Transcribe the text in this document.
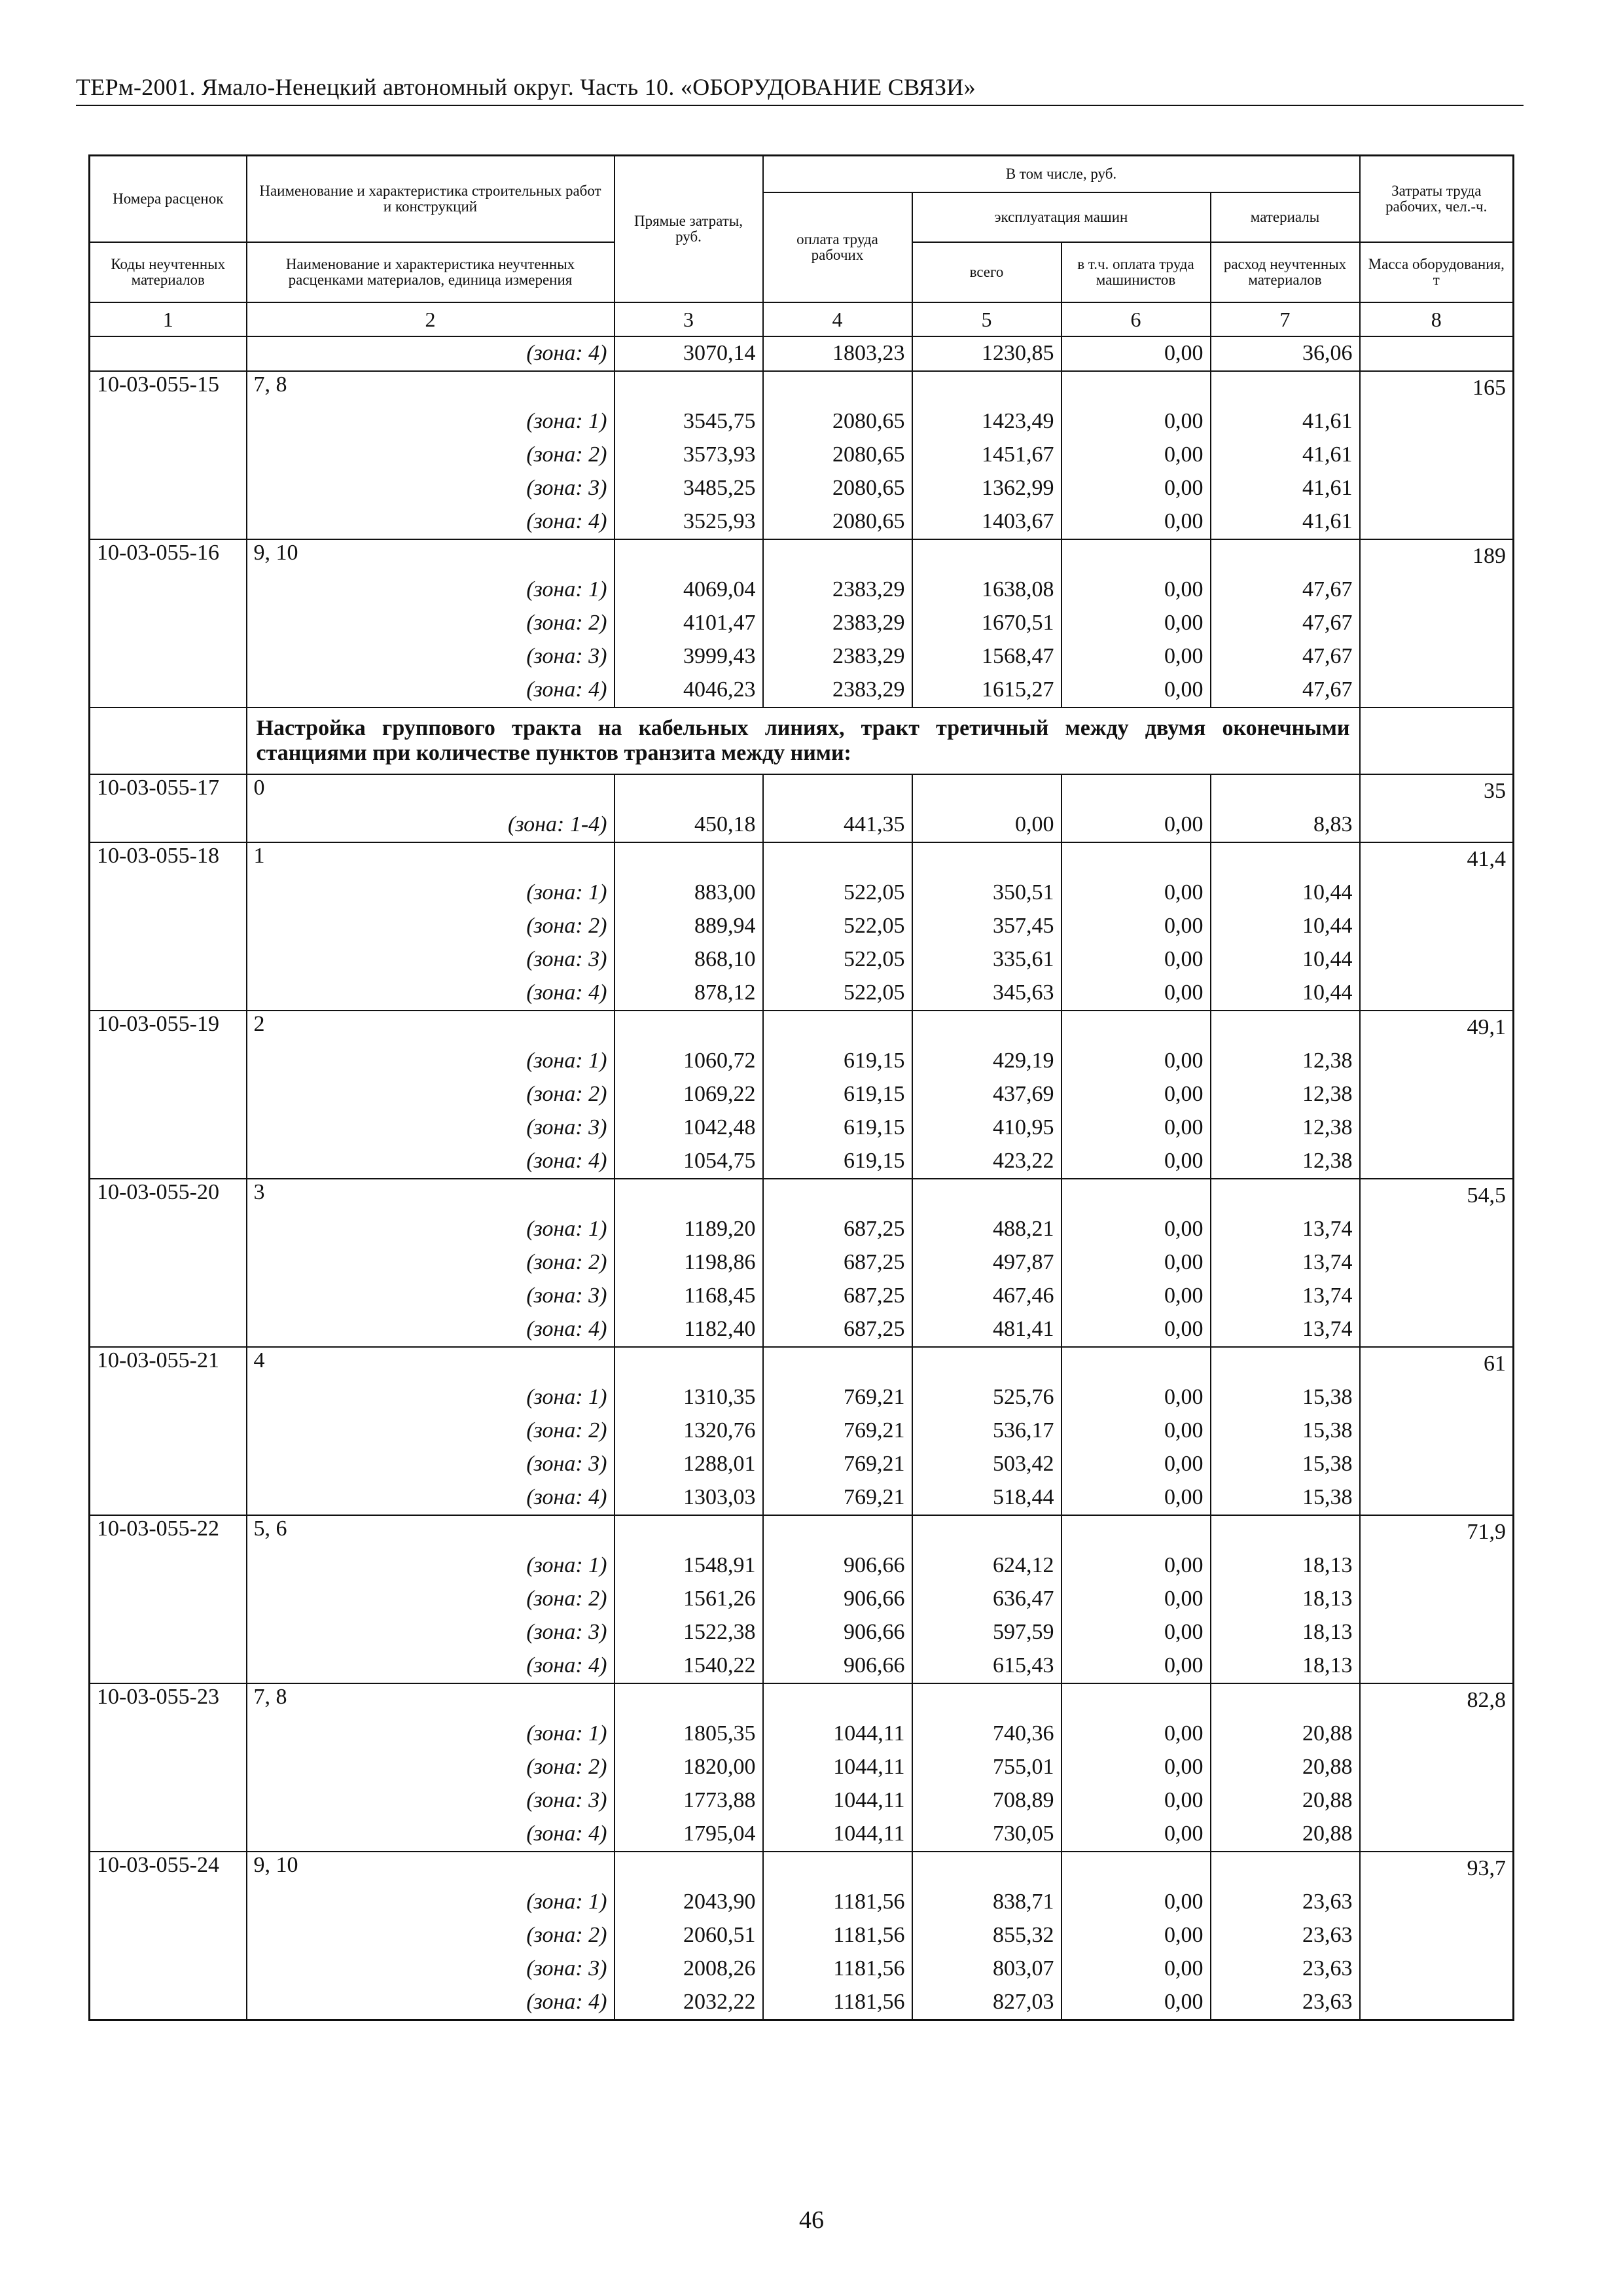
ТЕРм-2001. Ямало-Ненецкий автономный округ. Часть 10. «ОБОРУДОВАНИЕ СВЯЗИ»
Номера расценок	Наименование и характеристика строительных работ и конструкций	Прямые затраты, руб.	В том числе, руб.				Затраты труда рабочих, чел.-ч.
			оплата труда рабочих	эксплуатация машин		материалы	
Коды неучтенных материалов	Наименование и характеристика неучтенных расценками материалов, единица измерения			всего	в т.ч. оплата труда машинистов	расход неучтенных материалов	Масса оборудования, т
1	2	3	4	5	6	7	8
	(зона: 4)	3070,14	1803,23	1230,85	0,00	36,06	
10-03-055-15	7, 8						165
	(зона: 1)	3545,75	2080,65	1423,49	0,00	41,61	
	(зона: 2)	3573,93	2080,65	1451,67	0,00	41,61	
	(зона: 3)	3485,25	2080,65	1362,99	0,00	41,61	
	(зона: 4)	3525,93	2080,65	1403,67	0,00	41,61	
10-03-055-16	9, 10						189
	(зона: 1)	4069,04	2383,29	1638,08	0,00	47,67	
	(зона: 2)	4101,47	2383,29	1670,51	0,00	47,67	
	(зона: 3)	3999,43	2383,29	1568,47	0,00	47,67	
	(зона: 4)	4046,23	2383,29	1615,27	0,00	47,67	
	Настройка группового тракта на кабельных линиях, тракт третичный между двумя оконечными станциями при количестве пунктов транзита между ними:						
10-03-055-17	0						35
	(зона: 1-4)	450,18	441,35	0,00	0,00	8,83	
10-03-055-18	1						41,4
	(зона: 1)	883,00	522,05	350,51	0,00	10,44	
	(зона: 2)	889,94	522,05	357,45	0,00	10,44	
	(зона: 3)	868,10	522,05	335,61	0,00	10,44	
	(зона: 4)	878,12	522,05	345,63	0,00	10,44	
10-03-055-19	2						49,1
	(зона: 1)	1060,72	619,15	429,19	0,00	12,38	
	(зона: 2)	1069,22	619,15	437,69	0,00	12,38	
	(зона: 3)	1042,48	619,15	410,95	0,00	12,38	
	(зона: 4)	1054,75	619,15	423,22	0,00	12,38	
10-03-055-20	3						54,5
	(зона: 1)	1189,20	687,25	488,21	0,00	13,74	
	(зона: 2)	1198,86	687,25	497,87	0,00	13,74	
	(зона: 3)	1168,45	687,25	467,46	0,00	13,74	
	(зона: 4)	1182,40	687,25	481,41	0,00	13,74	
10-03-055-21	4						61
	(зона: 1)	1310,35	769,21	525,76	0,00	15,38	
	(зона: 2)	1320,76	769,21	536,17	0,00	15,38	
	(зона: 3)	1288,01	769,21	503,42	0,00	15,38	
	(зона: 4)	1303,03	769,21	518,44	0,00	15,38	
10-03-055-22	5, 6						71,9
	(зона: 1)	1548,91	906,66	624,12	0,00	18,13	
	(зона: 2)	1561,26	906,66	636,47	0,00	18,13	
	(зона: 3)	1522,38	906,66	597,59	0,00	18,13	
	(зона: 4)	1540,22	906,66	615,43	0,00	18,13	
10-03-055-23	7, 8						82,8
	(зона: 1)	1805,35	1044,11	740,36	0,00	20,88	
	(зона: 2)	1820,00	1044,11	755,01	0,00	20,88	
	(зона: 3)	1773,88	1044,11	708,89	0,00	20,88	
	(зона: 4)	1795,04	1044,11	730,05	0,00	20,88	
10-03-055-24	9, 10						93,7
	(зона: 1)	2043,90	1181,56	838,71	0,00	23,63	
	(зона: 2)	2060,51	1181,56	855,32	0,00	23,63	
	(зона: 3)	2008,26	1181,56	803,07	0,00	23,63	
	(зона: 4)	2032,22	1181,56	827,03	0,00	23,63	
46
